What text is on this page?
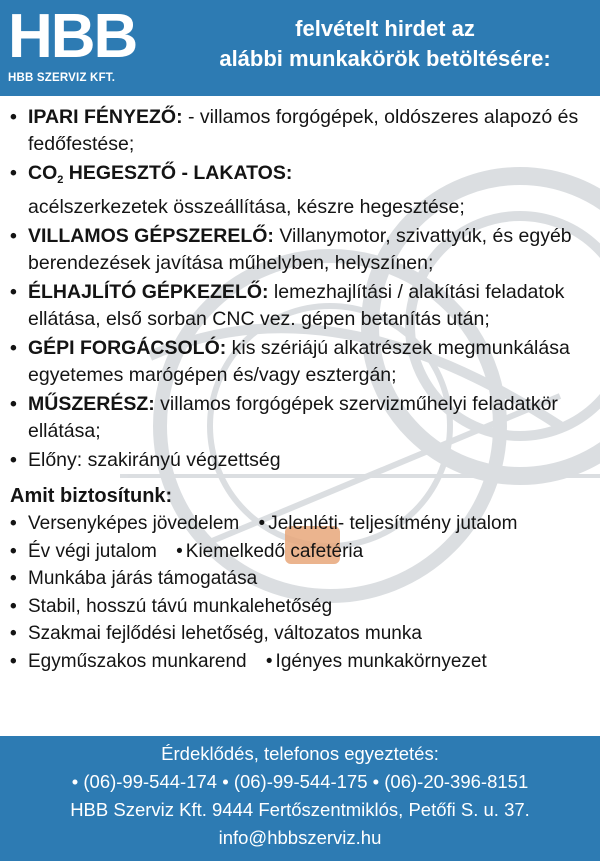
HBB
HBB SZERVIZ KFT.
felvételt hirdet az
alábbi munkakörök betöltésére:
• IPARI FÉNYEZŐ: - villamos forgógépek, oldószeres alapozó és fedőfestése;
• $CO_2$ HEGESZTŐ - LAKATOS:
acélszerkezetek összeállítása, készre hegesztése;
• VILLAMOS GÉPSZERELŐ: Villanymotor, szivattyúk, és egyéb berendezések javítása műhelyben, helyszínen;
• ÉLHAJLÍTÓ GÉPKEZELŐ: lemezhajlítási / alakítási feladatok ellátása, első sorban CNC vez. gépen betanítás után;
• GÉPI FORGÁCSOLÓ: kis szériájú alkatrészek megmunkálása egyetemes marógépen és/vagy esztergán;
• MŰSZERÉSZ: villamos forgógépek szervizműhelyi feladatkör ellátása;
• Előny: szakirányú végzettség
Amit biztosítunk:
• Versenyképes jövedelem • Jelenléti- teljesítmény jutalom
• Év végi jutalom • Kiemelkedő cafetéria
• Munkába járás támogatása
• Stabil, hosszú távú munkalehetőség
• Szakmai fejlődési lehetőség, változatos munka
• Egyműszakos munkarend • Igényes munkakörnyezet
Érdeklődés, telefonos egyeztetés:
• (06)-99-544-174 • (06)-99-544-175 • (06)-20-396-8151
HBB Szerviz Kft. 9444 Fertőszentmiklós, Petőfi S. u. 37.
info@hbbszerviz.hu
